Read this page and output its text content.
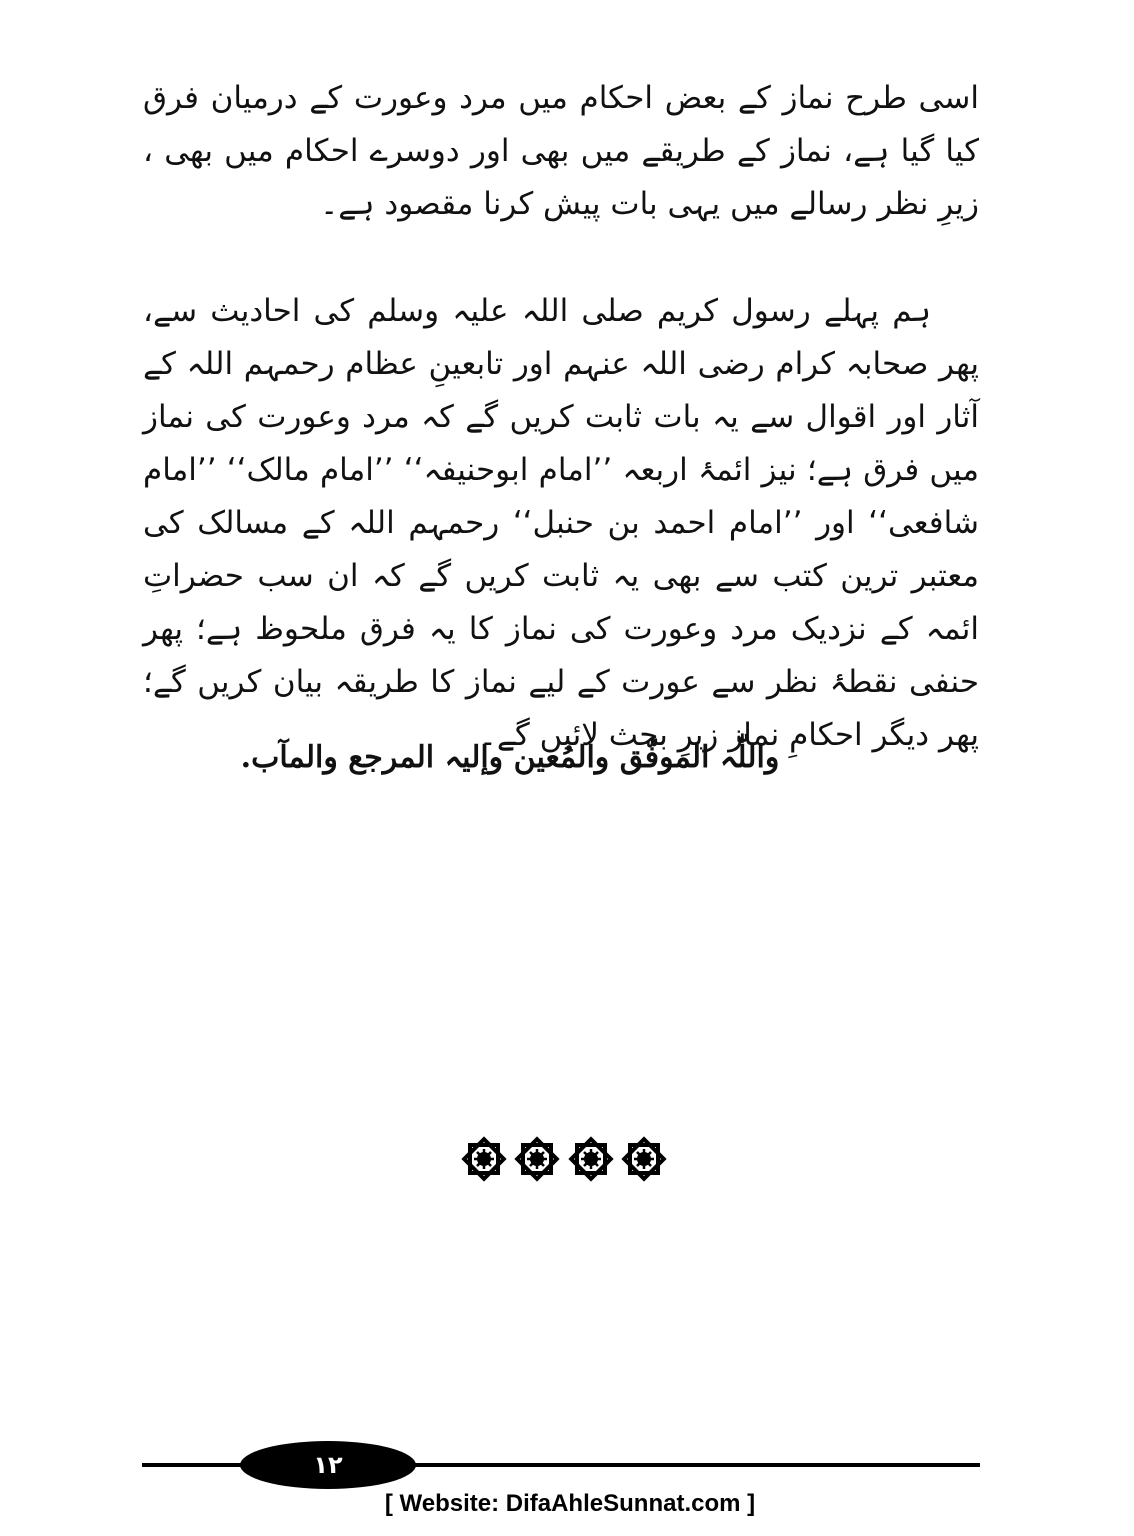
اسی طرح نماز کے بعض احکام میں مرد وعورت کے درمیان فرق کیا گیا ہے، نماز کے طریقے میں بھی اور دوسرے احکام میں بھی ، زیرِ نظر رسالے میں یہی بات پیش کرنا مقصود ہے۔

ہم پہلے رسول کریم صلی اللہ علیہ وسلم کی احادیث سے، پھر صحابہ کرام رضی اللہ عنہم اور تابعینِ عظام رحمہم اللہ کے آثار اور اقوال سے یہ بات ثابت کریں گے کہ مرد وعورت کی نماز میں فرق ہے؛ نیز ائمۂ اربعہ ’’امام ابوحنیفہ‘‘ ’’امام مالک‘‘ ’’امام شافعی‘‘ اور ’’امام احمد بن حنبل‘‘ رحمہم اللہ کے مسالک کی معتبر ترین کتب سے بھی یہ ثابت کریں گے کہ ان سب حضراتِ ائمہ کے نزدیک مرد وعورت کی نماز کا یہ فرق ملحوظ ہے؛ پھر حنفی نقطۂ نظر سے عورت کے لیے نماز کا طریقہ بیان کریں گے؛ پھر دیگر احکامِ نماز زیرِ بحث لائیں گے۔

واللّٰہ الموفّق والمُعین وإلیہ المرجع والمآب.

۱۲
[ Website: DifaAhleSunnat.com ]
